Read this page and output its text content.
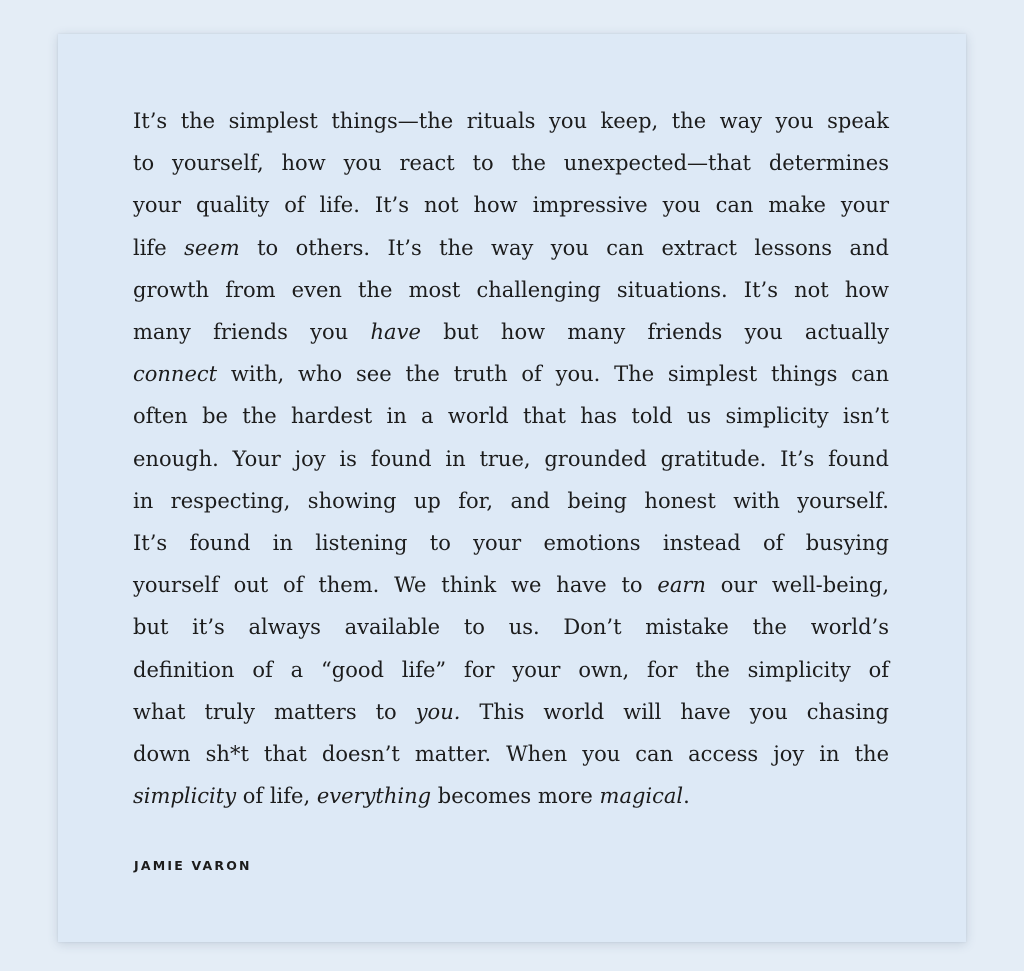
It’s the simplest things—the rituals you keep, the way you speak
to yourself, how you react to the unexpected—that determines
your quality of life. It’s not how impressive you can make your
life seem to others. It’s the way you can extract lessons and
growth from even the most challenging situations. It’s not how
many friends you have but how many friends you actually
connect with, who see the truth of you. The simplest things can
often be the hardest in a world that has told us simplicity isn’t
enough. Your joy is found in true, grounded gratitude. It’s found
in respecting, showing up for, and being honest with yourself.
It’s found in listening to your emotions instead of busying
yourself out of them. We think we have to earn our well-being,
but it’s always available to us. Don’t mistake the world’s
definition of a “good life” for your own, for the simplicity of
what truly matters to you. This world will have you chasing
down sh*t that doesn’t matter. When you can access joy in the
simplicity of life, everything becomes more magical.
JAMIE VARON
